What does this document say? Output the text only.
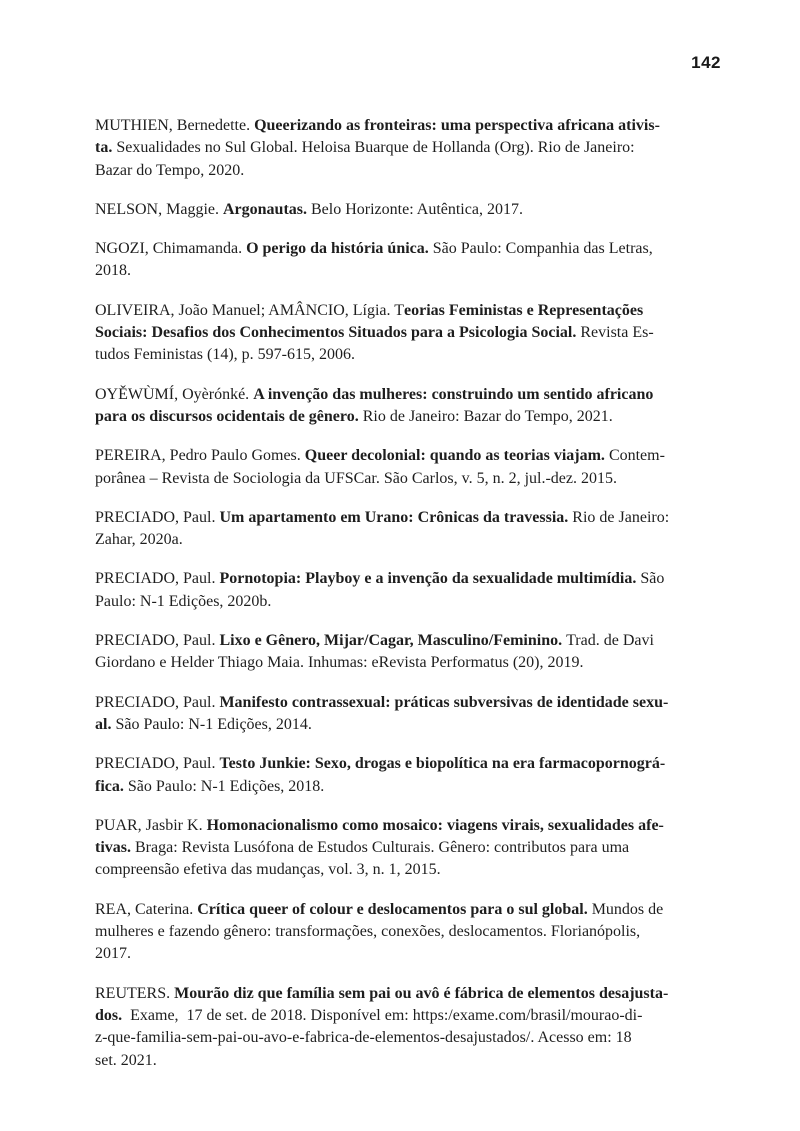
142

MUTHIEN, Bernedette. Queerizando as fronteiras: uma perspectiva africana ativis-
ta. Sexualidades no Sul Global. Heloisa Buarque de Hollanda (Org). Rio de Janeiro:
Bazar do Tempo, 2020.

NELSON, Maggie. Argonautas. Belo Horizonte: Autêntica, 2017.

NGOZI, Chimamanda. O perigo da história única. São Paulo: Companhia das Letras,
2018.

OLIVEIRA, João Manuel; AMÂNCIO, Lígia. Teorias Feministas e Representações
Sociais: Desafios dos Conhecimentos Situados para a Psicologia Social. Revista Es-
tudos Feministas (14), p. 597-615, 2006.

OYĚWÙMÍ, Oyèrónké. A invenção das mulheres: construindo um sentido africano
para os discursos ocidentais de gênero. Rio de Janeiro: Bazar do Tempo, 2021.

PEREIRA, Pedro Paulo Gomes. Queer decolonial: quando as teorias viajam. Contem-
porânea – Revista de Sociologia da UFSCar. São Carlos, v. 5, n. 2, jul.-dez. 2015.

PRECIADO, Paul. Um apartamento em Urano: Crônicas da travessia. Rio de Janeiro:
Zahar, 2020a.

PRECIADO, Paul. Pornotopia: Playboy e a invenção da sexualidade multimídia. São
Paulo: N-1 Edições, 2020b.

PRECIADO, Paul. Lixo e Gênero, Mijar/Cagar, Masculino/Feminino. Trad. de Davi
Giordano e Helder Thiago Maia. Inhumas: eRevista Performatus (20), 2019.

PRECIADO, Paul. Manifesto contrassexual: práticas subversivas de identidade sexu-
al. São Paulo: N-1 Edições, 2014.

PRECIADO, Paul. Testo Junkie: Sexo, drogas e biopolítica na era farmacopornográ-
fica. São Paulo: N-1 Edições, 2018.

PUAR, Jasbir K. Homonacionalismo como mosaico: viagens virais, sexualidades afe-
tivas. Braga: Revista Lusófona de Estudos Culturais. Gênero: contributos para uma
compreensão efetiva das mudanças, vol. 3, n. 1, 2015.

REA, Caterina. Crítica queer of colour e deslocamentos para o sul global. Mundos de
mulheres e fazendo gênero: transformações, conexões, deslocamentos. Florianópolis,
2017.

REUTERS. Mourão diz que família sem pai ou avô é fábrica de elementos desajusta-
dos.  Exame,  17 de set. de 2018. Disponível em: https:/exame.com/brasil/mourao-di-
z-que-familia-sem-pai-ou-avo-e-fabrica-de-elementos-desajustados/. Acesso em: 18
set. 2021.
